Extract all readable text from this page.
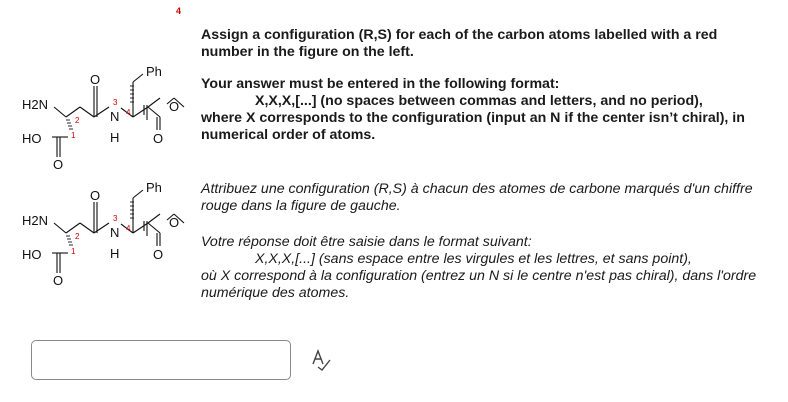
4
Ph
H2N
HO
N
H
O
O
O
O
1
2
3
4
Ph
H2N
HO
N
H
O
O
O
O
1
2
3
4

Assign a configuration (R,S) for each of the carbon atoms labelled with a red number in the figure on the left.

Your answer must be entered in the following format:

X,X,X,[...] (no spaces between commas and letters, and no period),

where X corresponds to the configuration (input an N if the center isn’t chiral), in numerical order of atoms.

Attribuez une configuration (R,S) à chacun des atomes de carbone marqués d'un chiffre rouge dans la figure de gauche.

Votre réponse doit être saisie dans le format suivant:

X,X,X,[...] (sans espace entre les virgules et les lettres, et sans point),

où X correspond à la configuration (entrez un N si le centre n'est pas chiral), dans l'ordre numérique des atomes.
